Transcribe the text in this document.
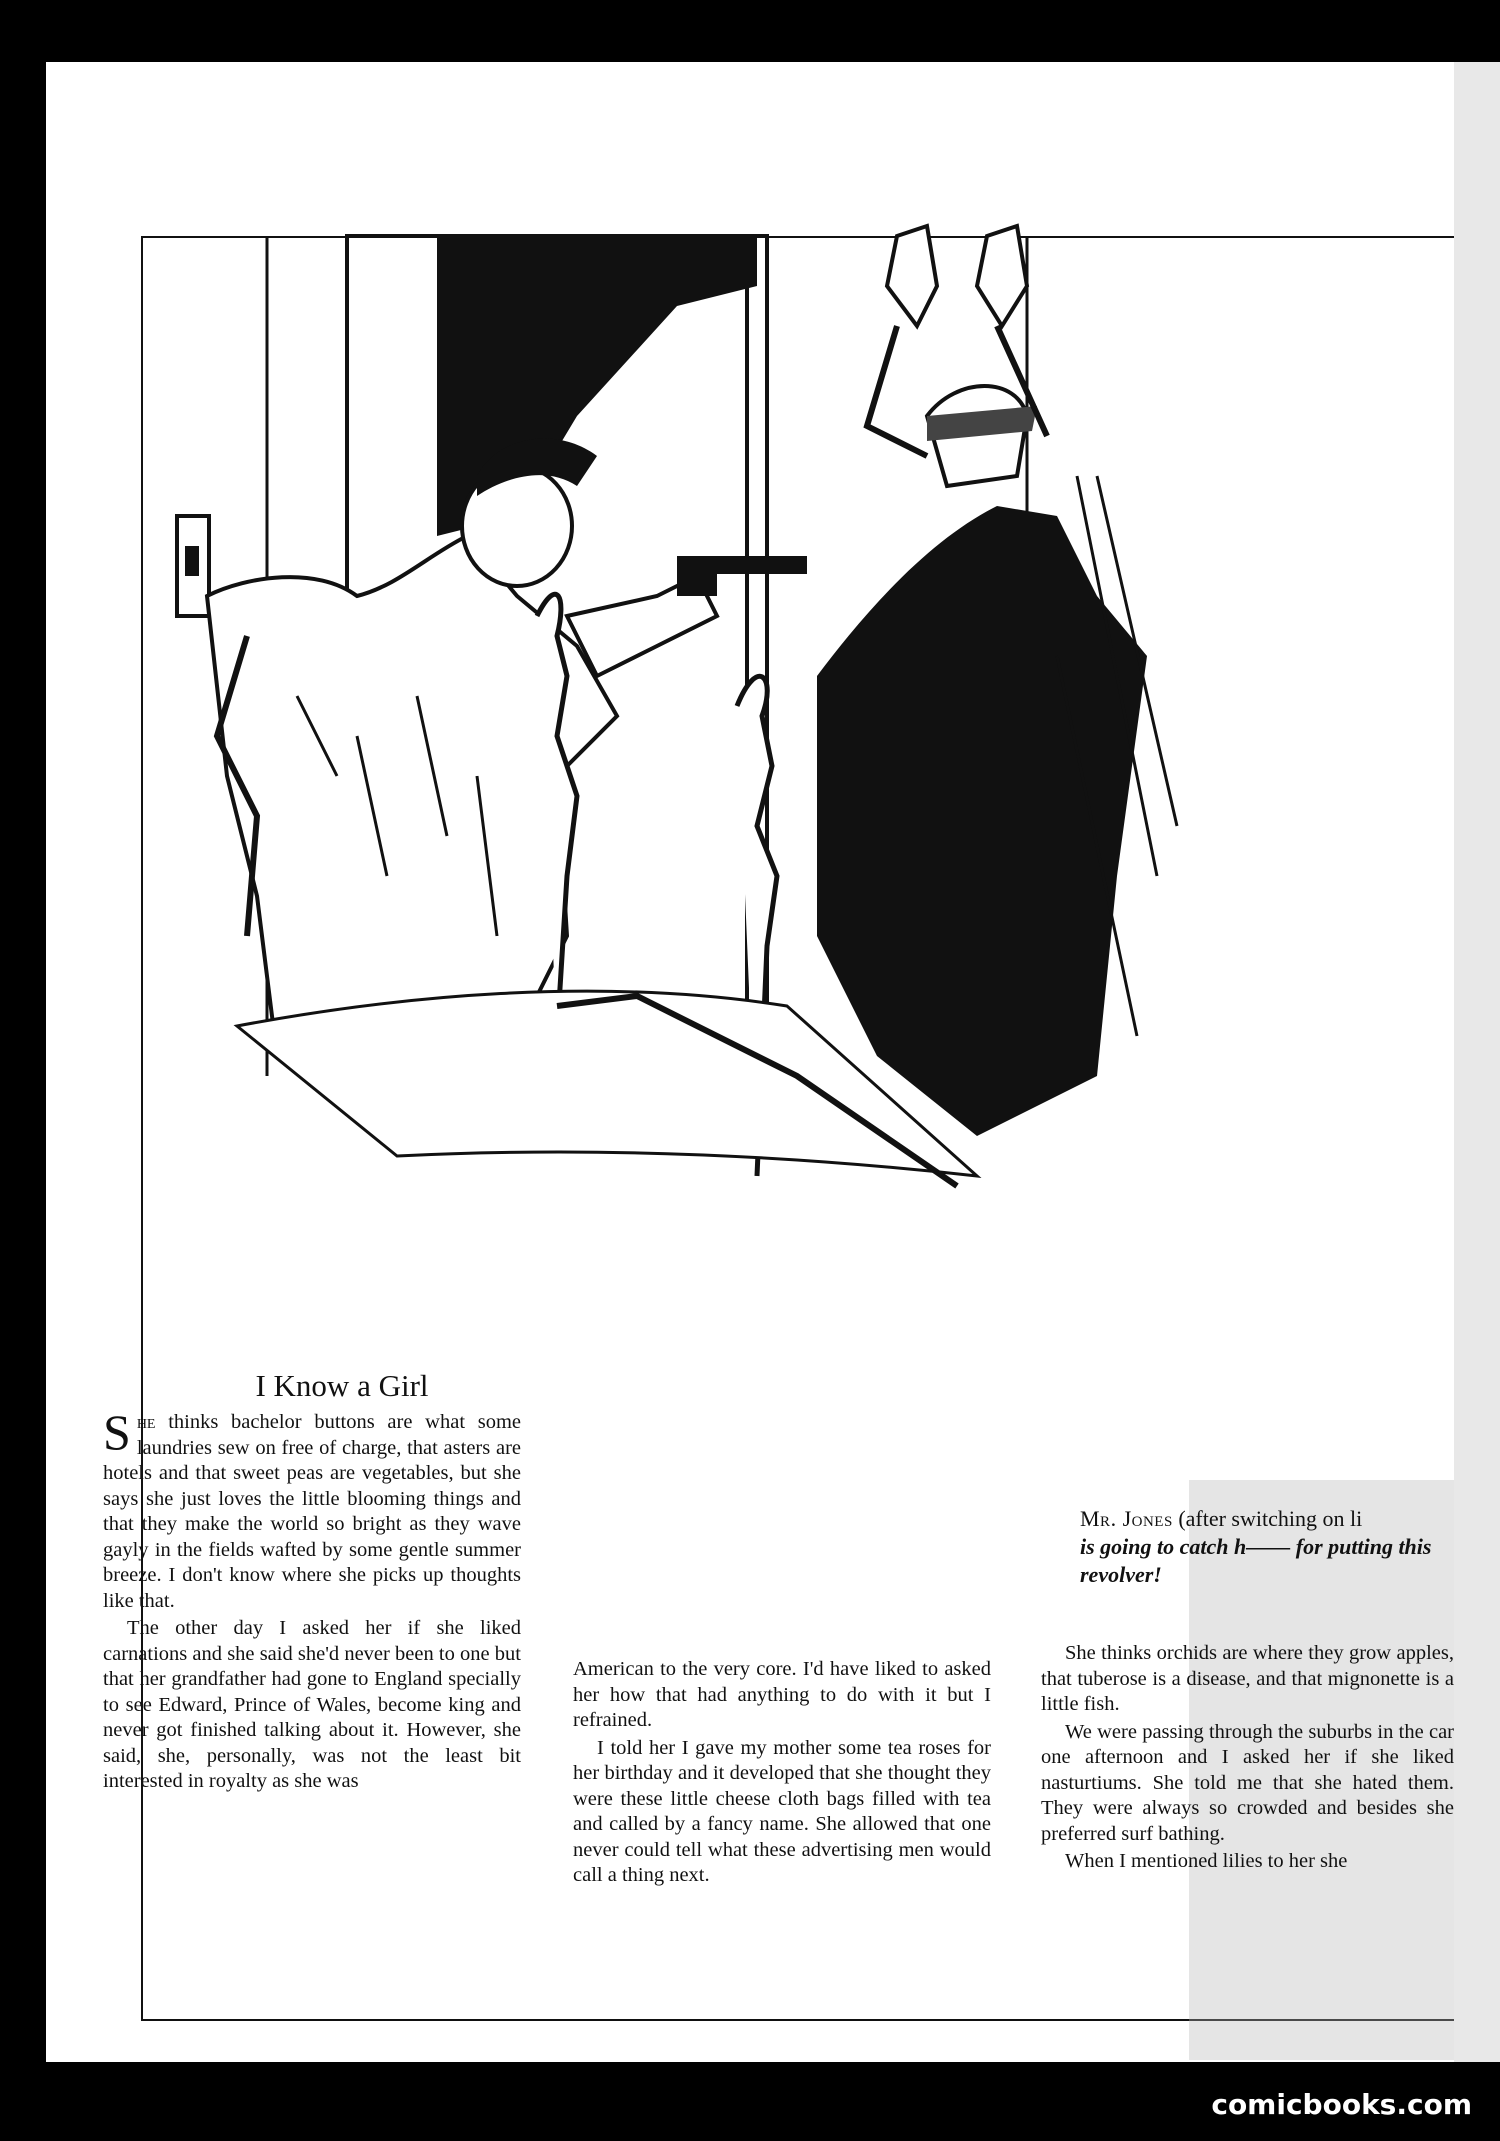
Mr. Jones (after switching on li
is going to catch h—— for putting this
revolver!
I Know a Girl

She thinks bachelor buttons are what some laundries sew on free of charge, that asters are hotels and that sweet peas are vegetables, but she says she just loves the little blooming things and that they make the world so bright as they wave gayly in the fields wafted by some gentle summer breeze. I don't know where she picks up thoughts like that.

The other day I asked her if she liked carnations and she said she'd never been to one but that her grandfather had gone to England specially to see Edward, Prince of Wales, become king and never got finished talking about it. However, she said, she, personally, was not the least bit interested in royalty as she was

American to the very core. I'd have liked to asked her how that had anything to do with it but I refrained.

I told her I gave my mother some tea roses for her birthday and it developed that she thought they were these little cheese cloth bags filled with tea and called by a fancy name. She allowed that one never could tell what these advertising men would call a thing next.

She thinks orchids are where they grow apples, that tuberose is a disease, and that mignonette is a little fish.

We were passing through the suburbs in the car one afternoon and I asked her if she liked nasturtiums. She told me that she hated them. They were always so crowded and besides she preferred surf bathing.

When I mentioned lilies to her she

comicbooks.com
